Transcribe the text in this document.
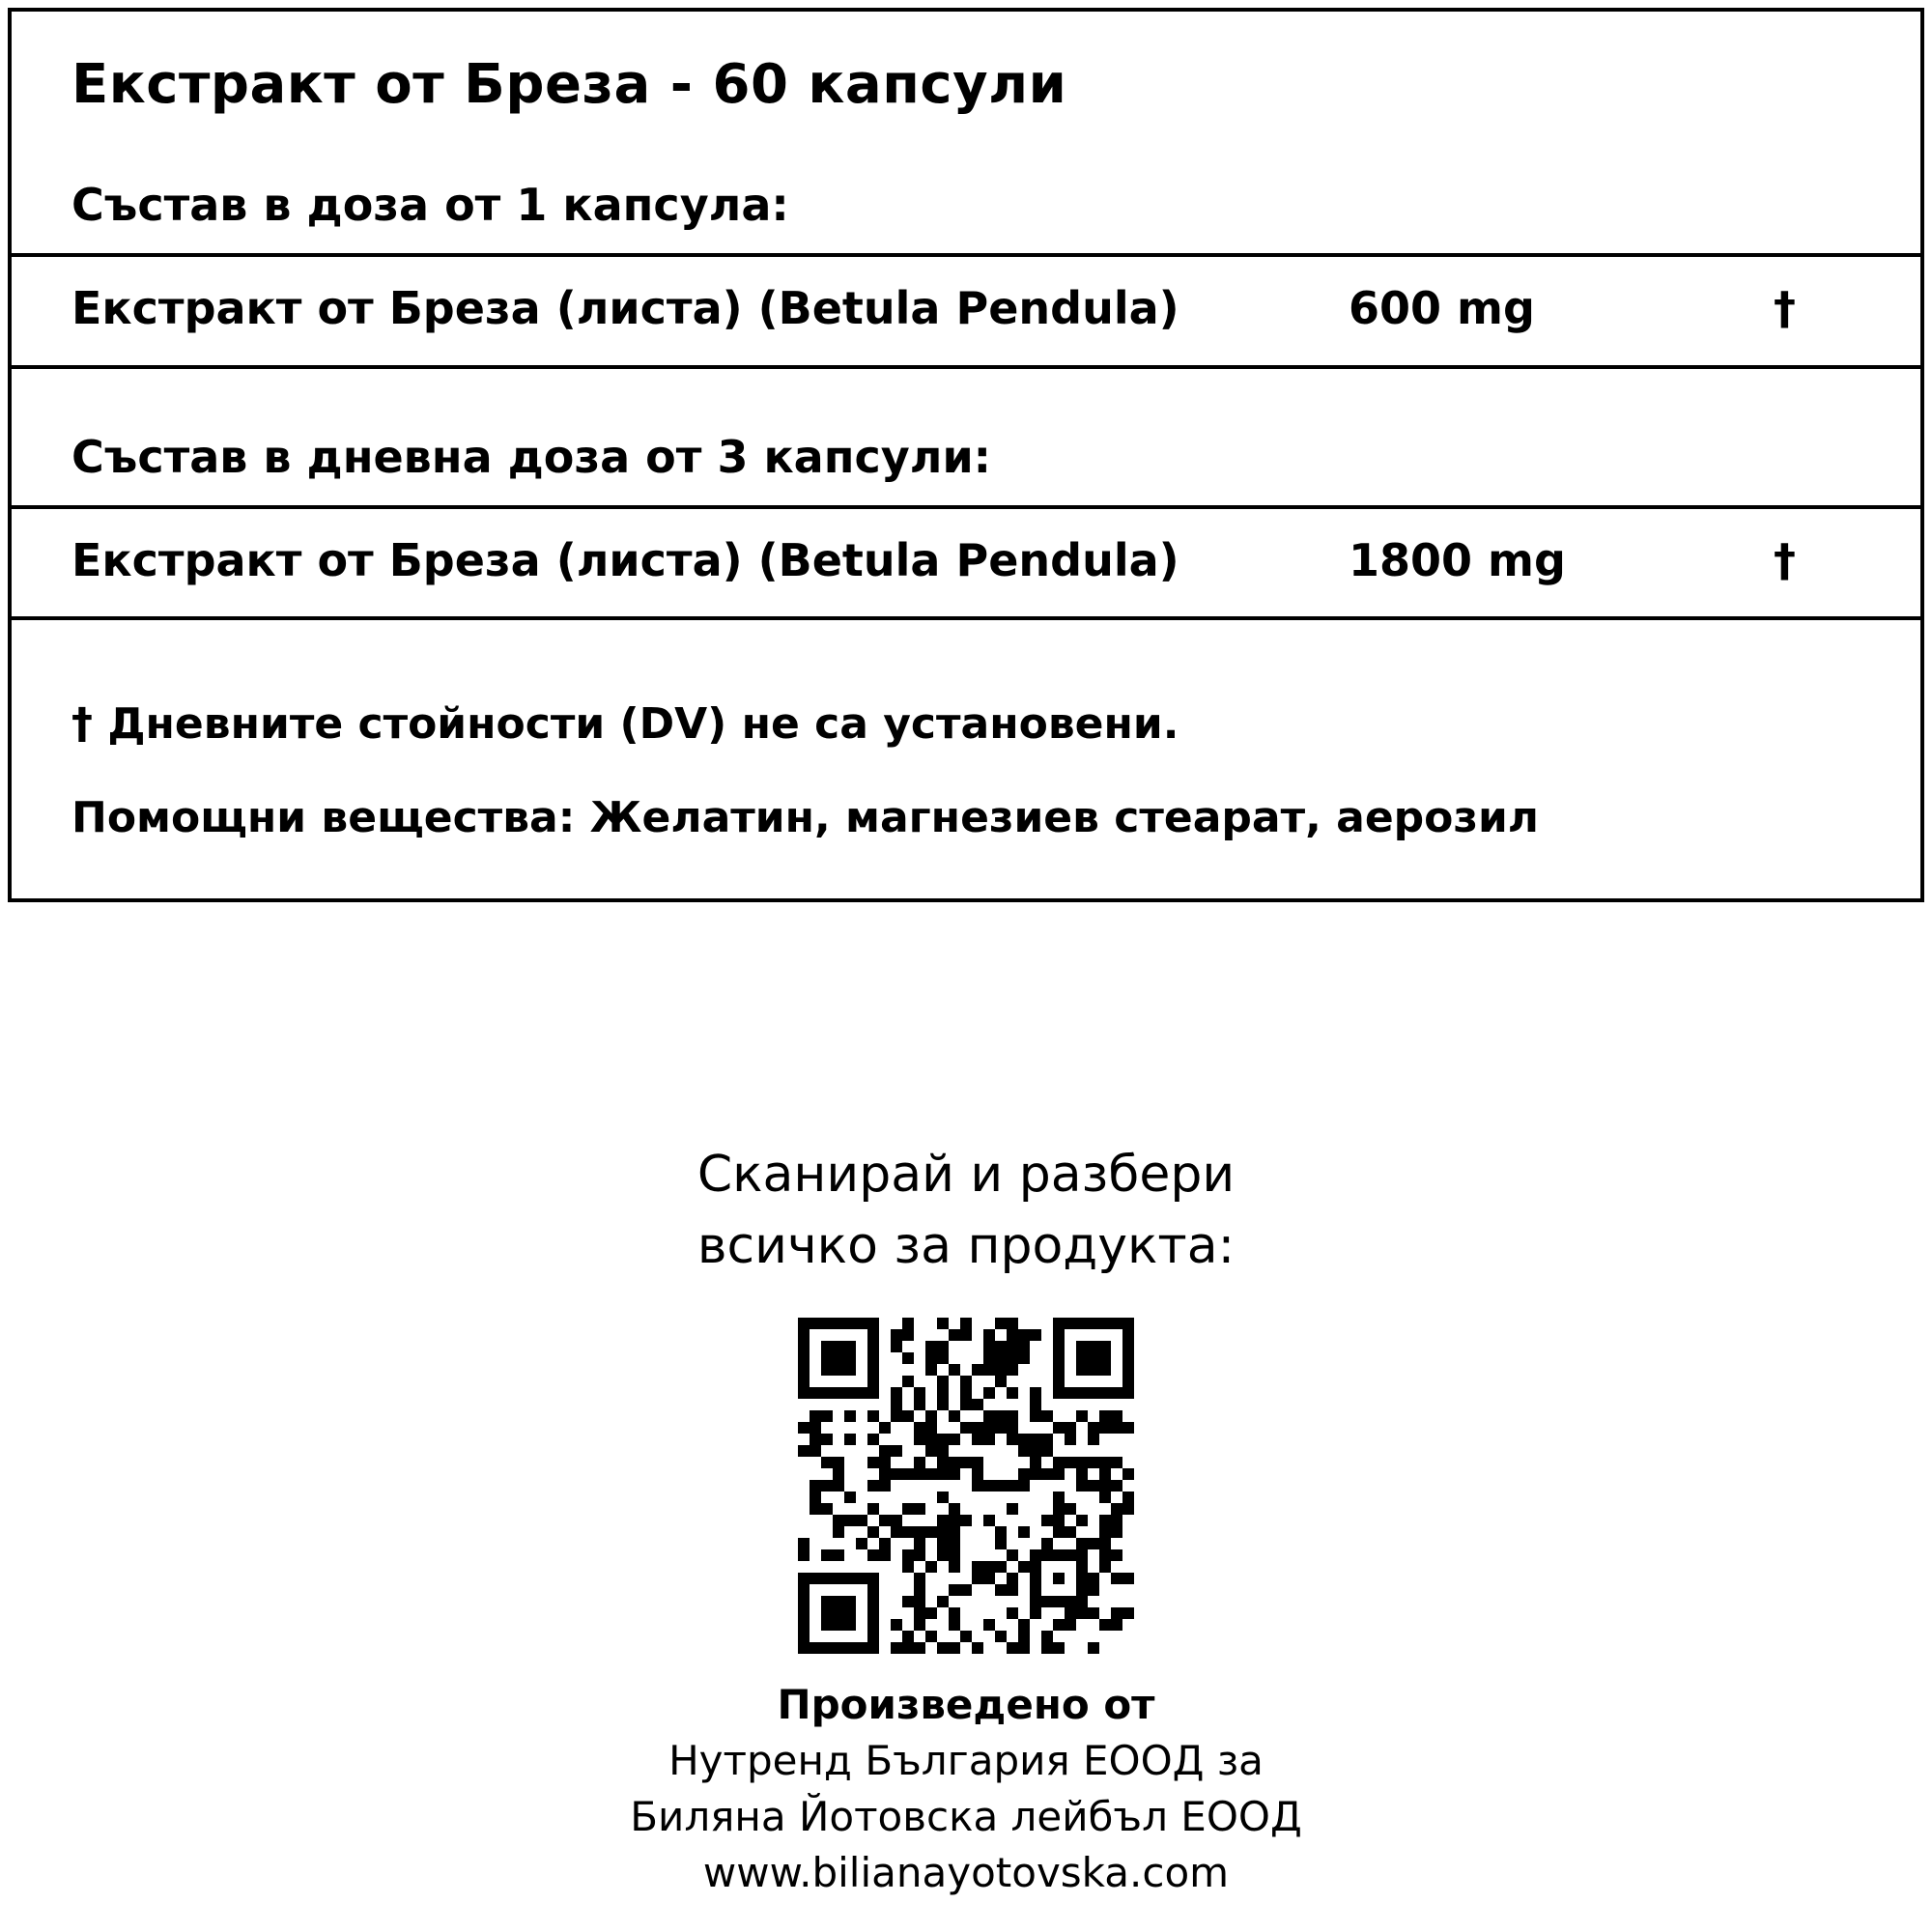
Екстракт от Бреза - 60 капсули
Състав в доза от 1 капсула:
Екстракт от Бреза (листа) (Betula Pendula)	600 mg	†
Състав в дневна доза от 3 капсули:
Екстракт от Бреза (листа) (Betula Pendula)	1800 mg	†
† Дневните стойности (DV) не са установени.
Помощни вещества: Желатин, магнезиев стеарат, аерозил
Сканирай и разбери
всичко за продукта:
Произведено от
Нутренд България ЕООД за
Биляна Йотовска лейбъл ЕООД
www.bilianayotovska.com
